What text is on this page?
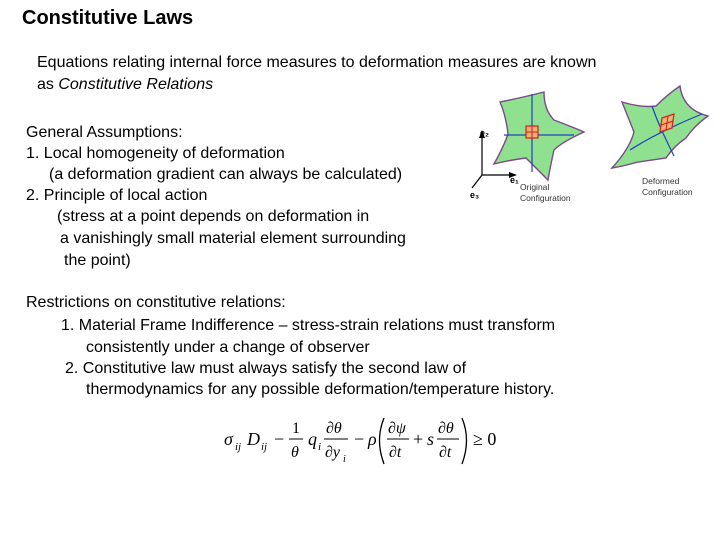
Constitutive Laws
Equations relating internal force measures to deformation measures are known
as Constitutive Relations
General Assumptions:
1. Local homogeneity of deformation
(a deformation gradient can always be calculated)
2. Principle of local action
(stress at a point depends on deformation in
a vanishingly small material element surrounding
the point)
Restrictions on constitutive relations:
1. Material Frame Indifference – stress-strain relations must transform
consistently under a change of observer
2. Constitutive law must always satisfy the second law of
thermodynamics for any possible deformation/temperature history.
e₂
e₁
e₃
Original
Configuration
Deformed
Configuration
σ ij D ij −
1
θ
q i
∂θ
∂y i
− ρ
∂ψ
∂t
+ s
∂θ
∂t
≥ 0
